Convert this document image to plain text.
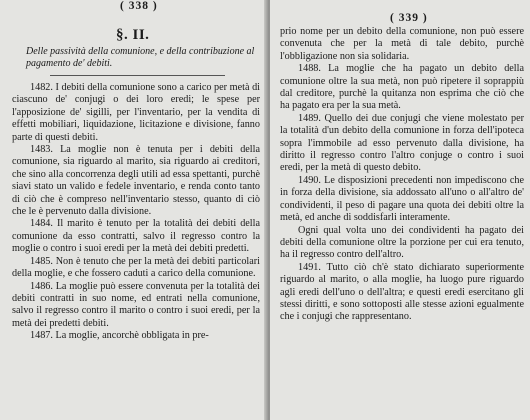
( 338 )
§. II.
Delle passività della comunione, e della contribuzione al pagamento de' debiti.

1482. I debiti della comunione sono a carico per metà di ciascuno de' conjugi o dei loro eredi; le spese per l'apposizione de' sigilli, per l'inventario, per la vendita di effetti mobiliari, liquidazione, licitazione e divisione, fanno parte di questi debiti.

1483. La moglie non è tenuta per i debiti della comunione, sia riguardo al marito, sia riguardo ai creditori, che sino alla concorrenza degli utili ad essa spettanti, purchè siavi stato un valido e fedele inventario, e renda conto tanto di ciò che è compreso nell'inventario stesso, quanto di ciò che le è pervenuto dalla divisione.

1484. Il marito è tenuto per la totalità dei debiti della comunione da esso contratti, salvo il regresso contro la moglie o contro i suoi eredi per la metà dei debiti predetti.

1485. Non è tenuto che per la metà dei debiti particolari della moglie, e che fossero caduti a carico della comunione.

1486. La moglie può essere convenuta per la totalità dei debiti contratti in suo nome, ed entrati nella comunione, salvo il regresso contro il marito o contro i suoi eredi, per la metà dei predetti debiti.

1487. La moglie, ancorchè obbligata in pre-

( 339 )

prio nome per un debito della comunione, non può essere convenuta che per la metà di tale debito, purchè l'obbligazione non sia solidaria.

1488. La moglie che ha pagato un debito della comunione oltre la sua metà, non può ripetere il soprappiù dal creditore, purchè la quitanza non esprima che ciò che ha pagato era per la sua metà.

1489. Quello dei due conjugi che viene molestato per la totalità d'un debito della comunione in forza dell'ipoteca sopra l'immobile ad esso pervenuto dalla divisione, ha diritto il regresso contro l'altro conjuge o contro i suoi eredi, per la metà di questo debito.

1490. Le disposizioni precedenti non impediscono che in forza della divisione, sia addossato all'uno o all'altro de' condividenti, il peso di pagare una quota dei debiti oltre la metà, ed anche di soddisfarli interamente.

Ogni qual volta uno dei condividenti ha pagato dei debiti della comunione oltre la porzione per cui era tenuto, ha il regresso contro dell'altro.

1491. Tutto ciò ch'è stato dichiarato superiormente riguardo al marito, o alla moglie, ha luogo pure riguardo agli eredi dell'uno o dell'altra; e questi eredi esercitano gli stessi diritti, e sono sottoposti alle stesse azioni egualmente che i conjugi che rappresentano.
